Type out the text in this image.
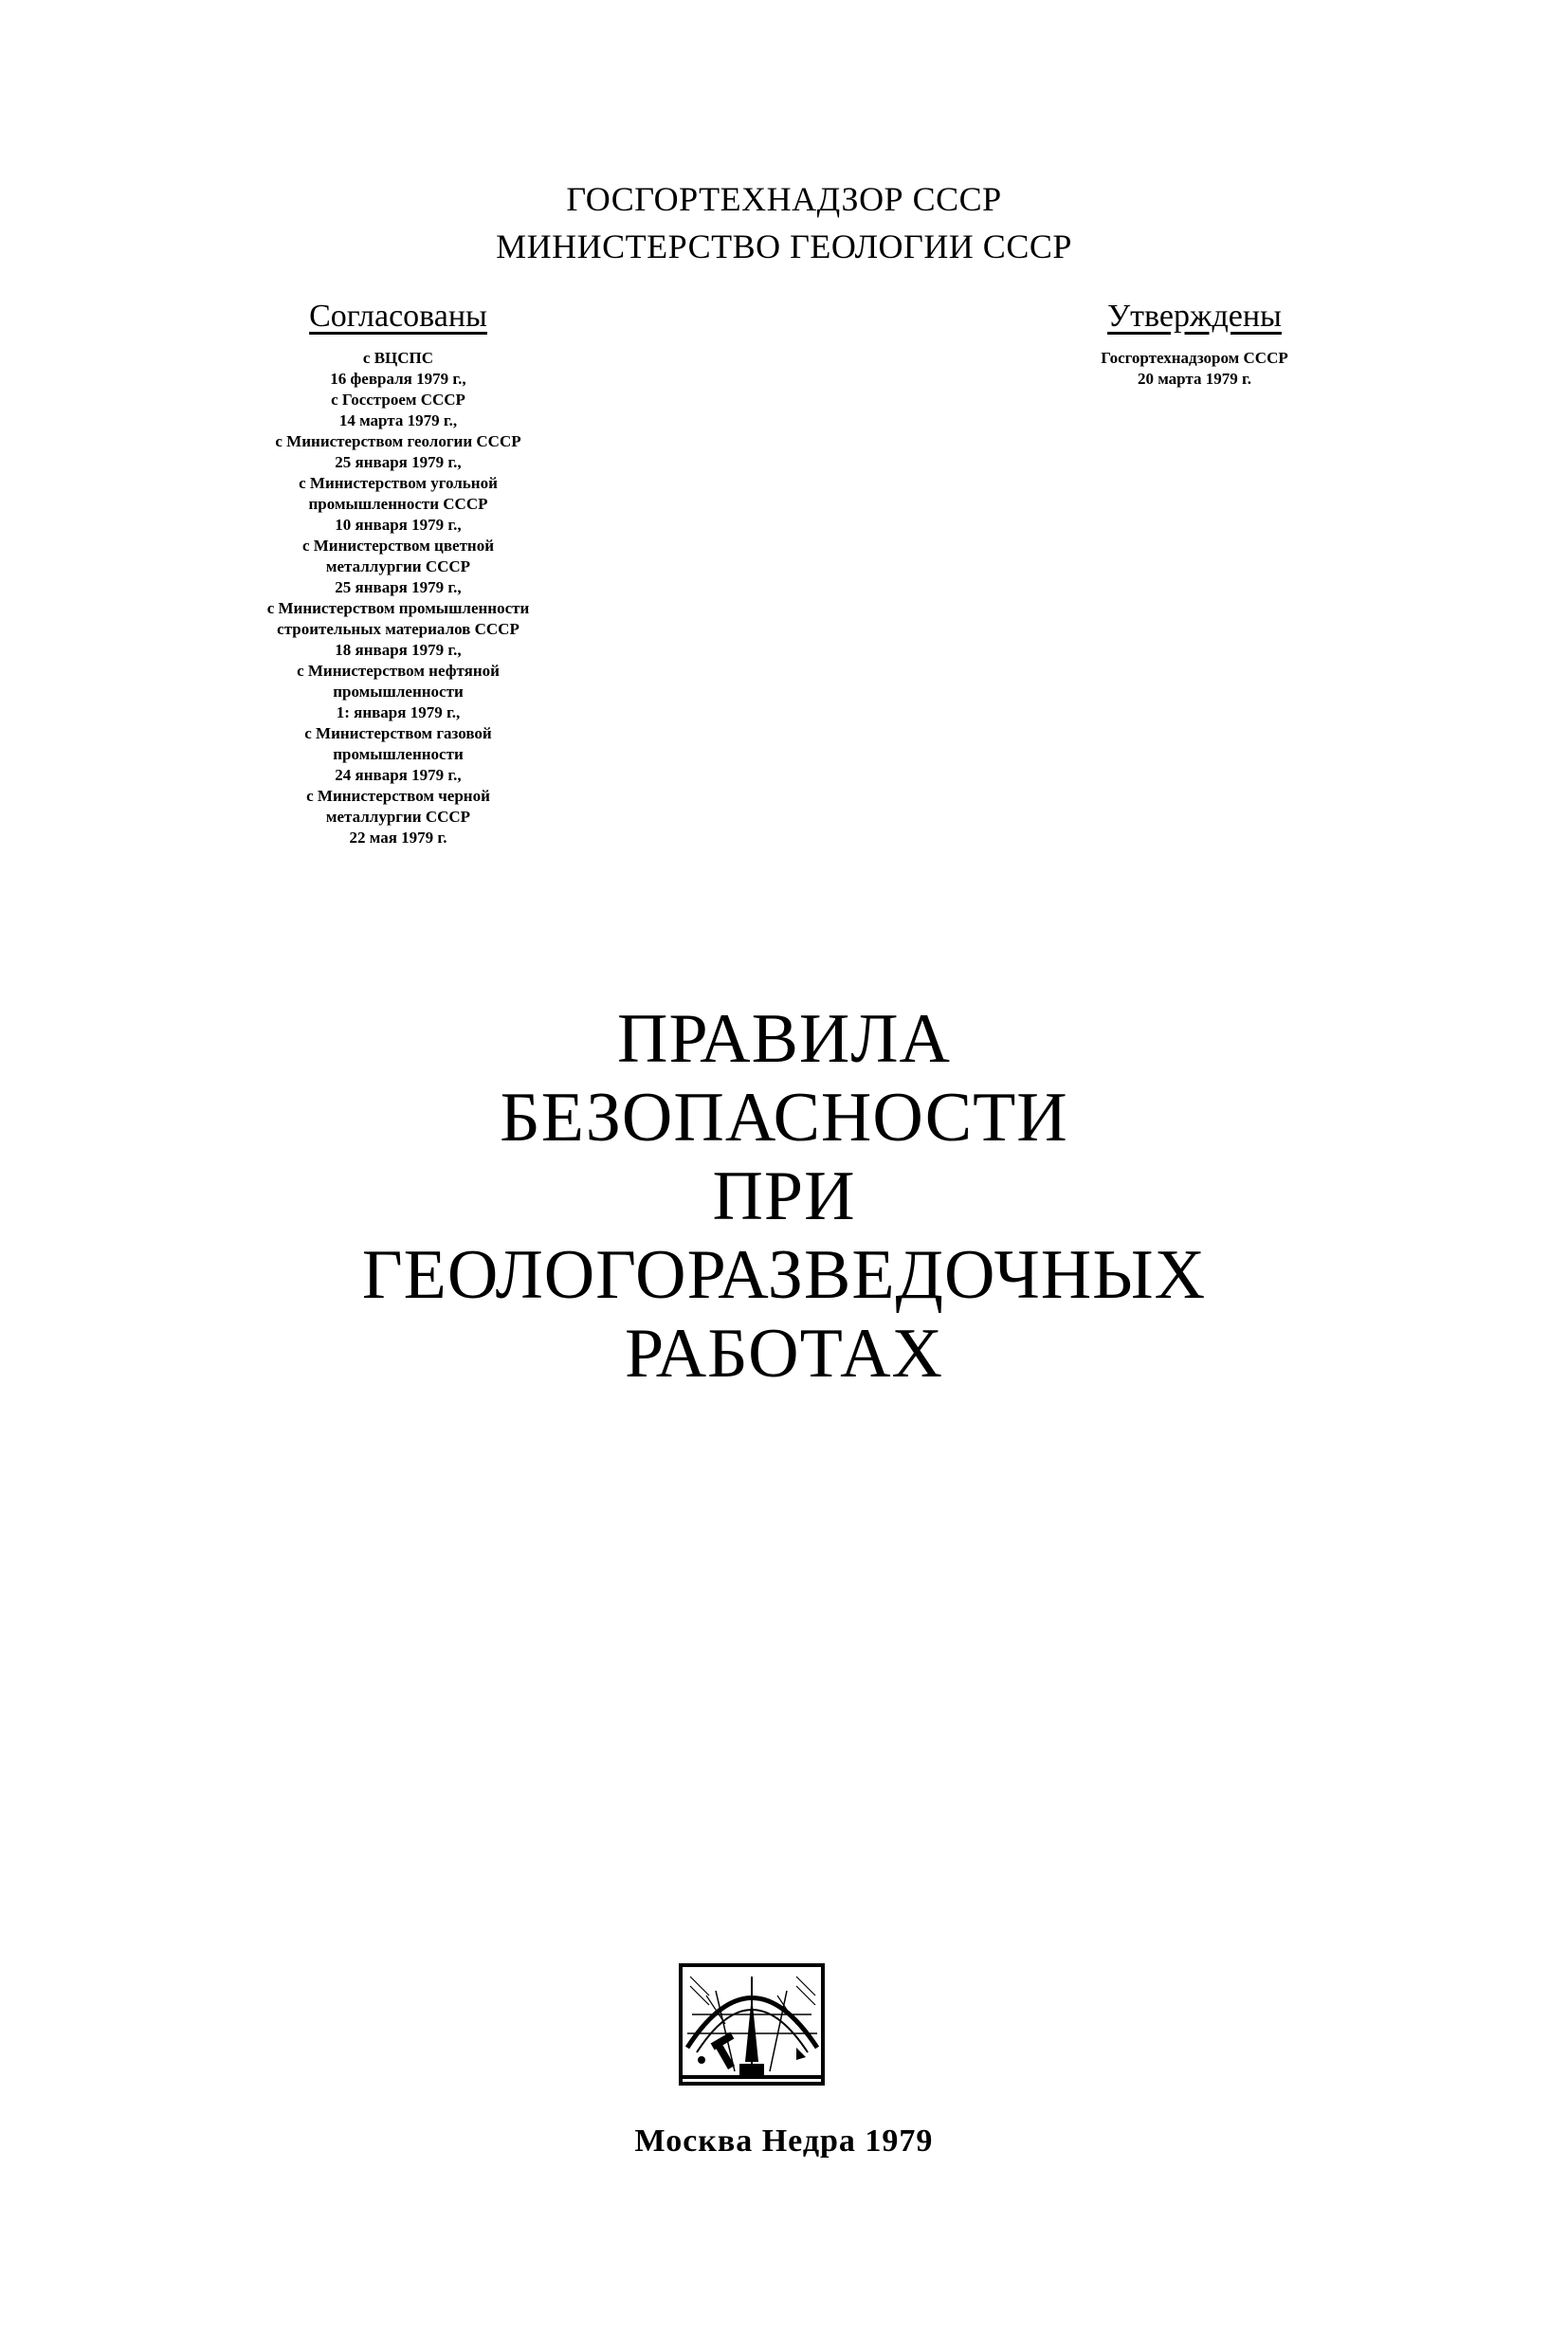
ГОСГОРТЕХНАДЗОР СССР
МИНИСТЕРСТВО ГЕОЛОГИИ СССР
Согласованы

с ВЦСПС

16 февраля 1979 г.,

с Госстроем СССР

14 марта 1979 г.,

с Министерством геологии СССР

25 января 1979 г.,

с Министерством угольной

промышленности СССР

10 января 1979 г.,

с Министерством цветной

металлургии СССР

25 января 1979 г.,

с Министерством промышленности

строительных материалов СССР

18 января 1979 г.,

с Министерством нефтяной

промышленности

1: января 1979 г.,

с Министерством газовой

промышленности

24 января 1979 г.,

с Министерством черной

металлургии СССР

22 мая 1979 г.

Утверждены
Госгортехнадзором СССР
20 марта 1979 г.
ПРАВИЛА
БЕЗОПАСНОСТИ
ПРИ
ГЕОЛОГОРАЗВЕДОЧНЫХ
РАБОТАХ
Москва Недра 1979
